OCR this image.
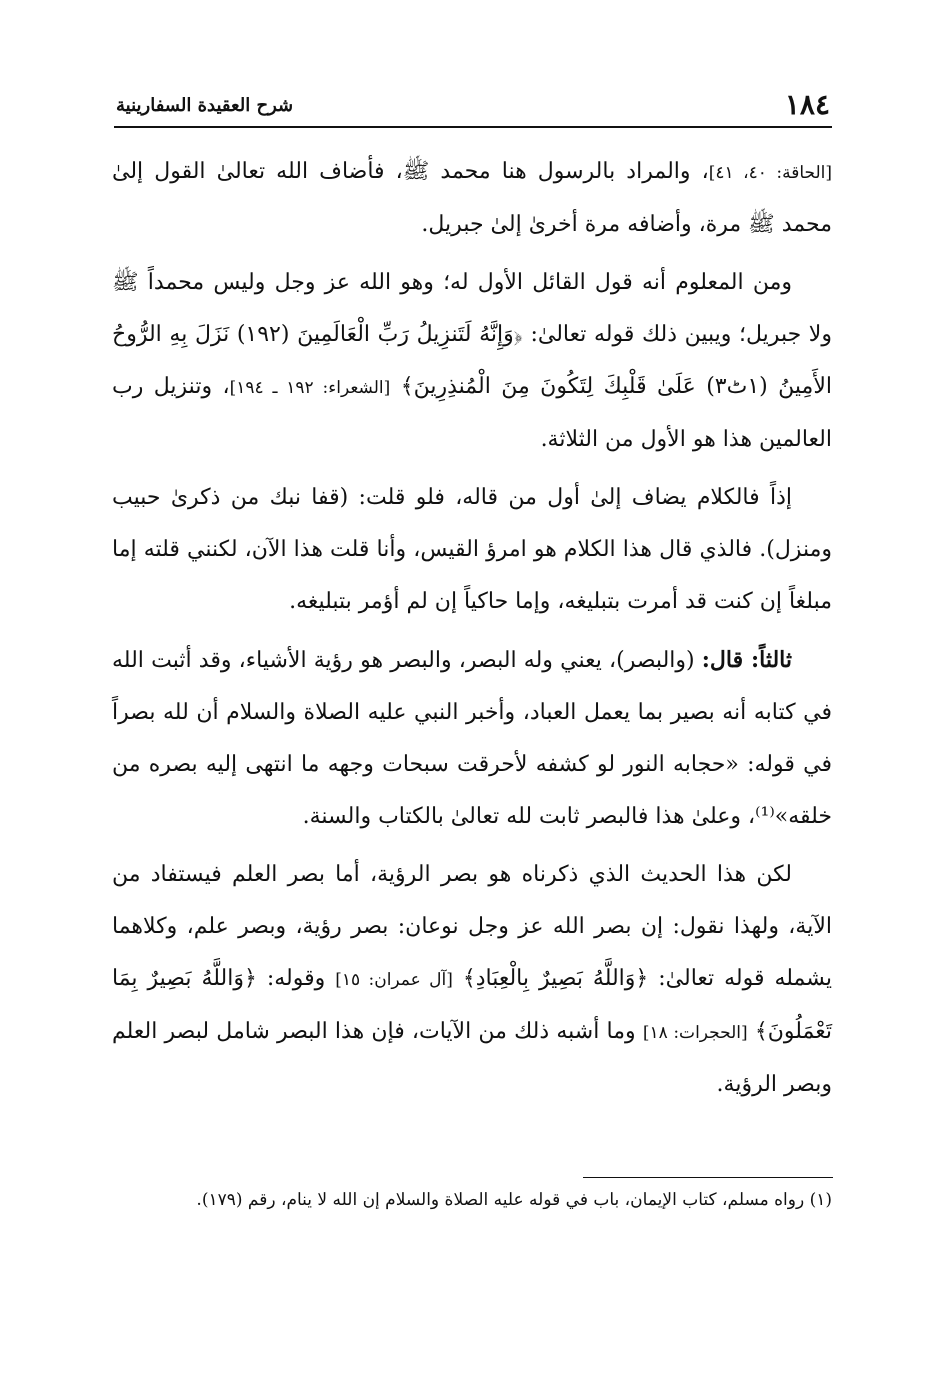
١٨٤
شرح العقيدة السفارينية

[الحاقة: ٤٠، ٤١]، والمراد بالرسول هنا محمد ﷺ، فأضاف الله تعالىٰ القول إلىٰ محمد ﷺ مرة، وأضافه مرة أخرىٰ إلىٰ جبريل.

ومن المعلوم أنه قول القائل الأول له؛ وهو الله عز وجل وليس محمداً ﷺ ولا جبريل؛ ويبين ذلك قوله تعالىٰ: ﴿وَإِنَّهُ لَتَنزِيلُ رَبِّ الْعَالَمِينَ (١٩٢) نَزَلَ بِهِ الرُّوحُ الأَمِينُ (١ٹ٣) عَلَىٰ قَلْبِكَ لِتَكُونَ مِنَ الْمُنذِرِينَ﴾ [الشعراء: ١٩٢ ـ ١٩٤]، وتنزيل رب العالمين هذا هو الأول من الثلاثة.

إذاً فالكلام يضاف إلىٰ أول من قاله، فلو قلت: (قفا نبك من ذكرىٰ حبيب ومنزل). فالذي قال هذا الكلام هو امرؤ القيس، وأنا قلت هذا الآن، لكنني قلته إما مبلغاً إن كنت قد أمرت بتبليغه، وإما حاكياً إن لم أؤمر بتبليغه.

ثالثاً: قال: (والبصر)، يعني وله البصر، والبصر هو رؤية الأشياء، وقد أثبت الله في كتابه أنه بصير بما يعمل العباد، وأخبر النبي عليه الصلاة والسلام أن لله بصراً في قوله: «حجابه النور لو كشفه لأحرقت سبحات وجهه ما انتهى إليه بصره من خلقه»⁽¹⁾، وعلىٰ هذا فالبصر ثابت لله تعالىٰ بالكتاب والسنة.

لكن هذا الحديث الذي ذكرناه هو بصر الرؤية، أما بصر العلم فيستفاد من الآية، ولهذا نقول: إن بصر الله عز وجل نوعان: بصر رؤية، وبصر علم، وكلاهما يشمله قوله تعالىٰ: ﴿وَاللَّهُ بَصِيرٌ بِالْعِبَادِ﴾ [آل عمران: ١٥] وقوله: ﴿وَاللَّهُ بَصِيرٌ بِمَا تَعْمَلُونَ﴾ [الحجرات: ١٨] وما أشبه ذلك من الآيات، فإن هذا البصر شامل لبصر العلم وبصر الرؤية.

(١) رواه مسلم، كتاب الإيمان، باب في قوله عليه الصلاة والسلام إن الله لا ينام، رقم (١٧٩).
